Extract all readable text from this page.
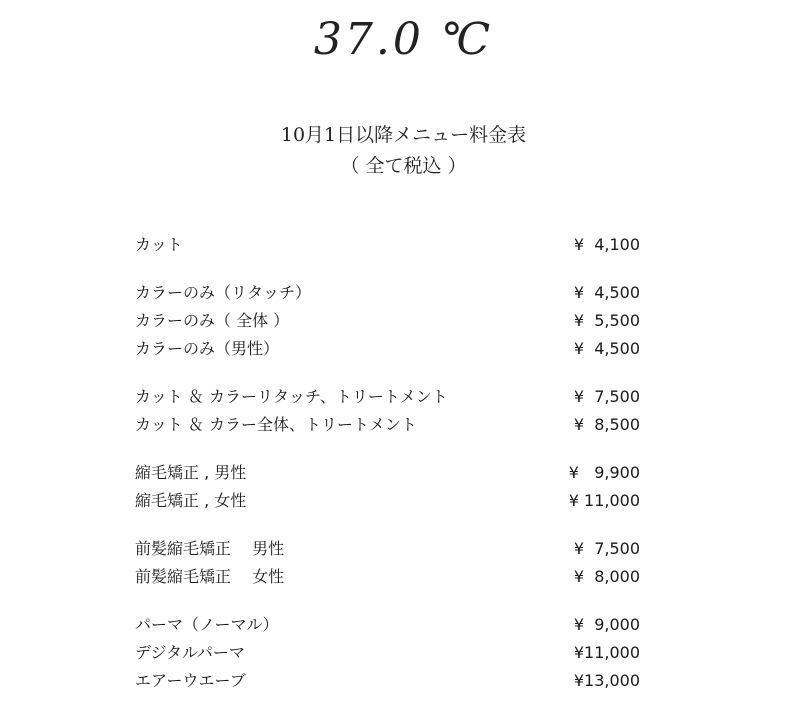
37.0 ℃
10月1日以降メニュー料金表
（ 全て税込 ）
カット	¥  4,100
カラーのみ（リタッチ）	¥  4,500
カラーのみ（ 全体 ）	¥  5,500
カラーのみ（男性）	¥  4,500
カット ＆ カラーリタッチ、トリートメント	¥  7,500
カット ＆ カラー全体、トリートメント	¥  8,500
縮毛矯正 , 男性	¥   9,900
縮毛矯正 , 女性	¥ 11,000
前髪縮毛矯正　 男性	¥  7,500
前髪縮毛矯正　 女性	¥  8,000
パーマ（ノーマル）	¥  9,000
デジタルパーマ	¥11,000
エアーウエーブ	¥13,000
